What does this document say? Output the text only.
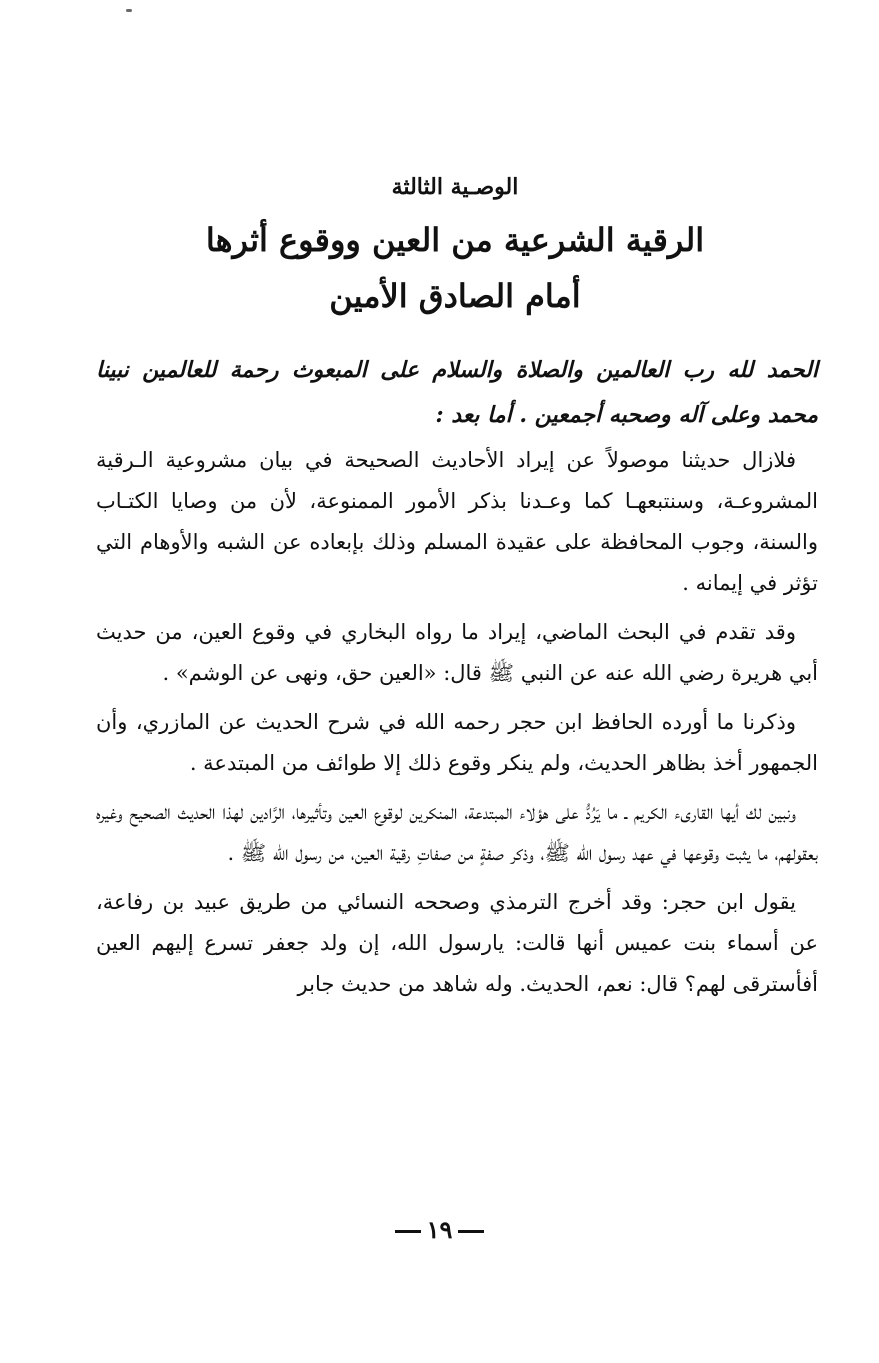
الوصـية الثالثة
الرقية الشرعية من العين ووقوع أثرها
أمام الصادق الأمين
الحمد لله رب العالمين والصلاة والسلام على المبعوث رحمة للعالمين نبينا محمد وعلى آله وصحبه أجمعين . أما بعد :

فلازال حديثنا موصولاً عن إيراد الأحاديث الصحيحة في بيان مشروعية الـرقية المشروعـة، وسنتبعهـا كما وعـدنا بذكر الأمور الممنوعة، لأن من وصايا الكتـاب والسنة، وجوب المحافظة على عقيدة المسلم وذلك بإبعاده عن الشبه والأوهام التي تؤثر في إيمانه .

وقد تقدم في البحث الماضي، إيراد ما رواه البخاري في وقوع العين، من حديث أبي هريرة رضي الله عنه عن النبي ﷺ قال: «العين حق، ونهى عن الوشم» .

وذكرنا ما أورده الحافظ ابن حجر رحمه الله في شرح الحديث عن المازري، وأن الجمهور أخذ بظاهر الحديث، ولم ينكر وقوع ذلك إلا طوائف من المبتدعة .

ونبين لك أيها القارىء الكريم ـ ما يَرُدُّ على هؤلاء المبتدعة، المنكرين لوقوع العين وتأثيرها، الرَّادين لهذا الحديث الصحيح وغيره بعقولهم، ما يثبت وقوعها في عهد رسول الله ﷺ، وذكر صفةٍ من صفاتِ رقية العين، من رسول الله ﷺ .

يقول ابن حجر: وقد أخرج الترمذي وصححه النسائي من طريق عبيد بن رفاعة، عن أسماء بنت عميس أنها قالت: يارسول الله، إن ولد جعفر تسرع إليهم العين أفأسترقى لهم؟ قال: نعم، الحديث. وله شاهد من حديث جابر

١٩
